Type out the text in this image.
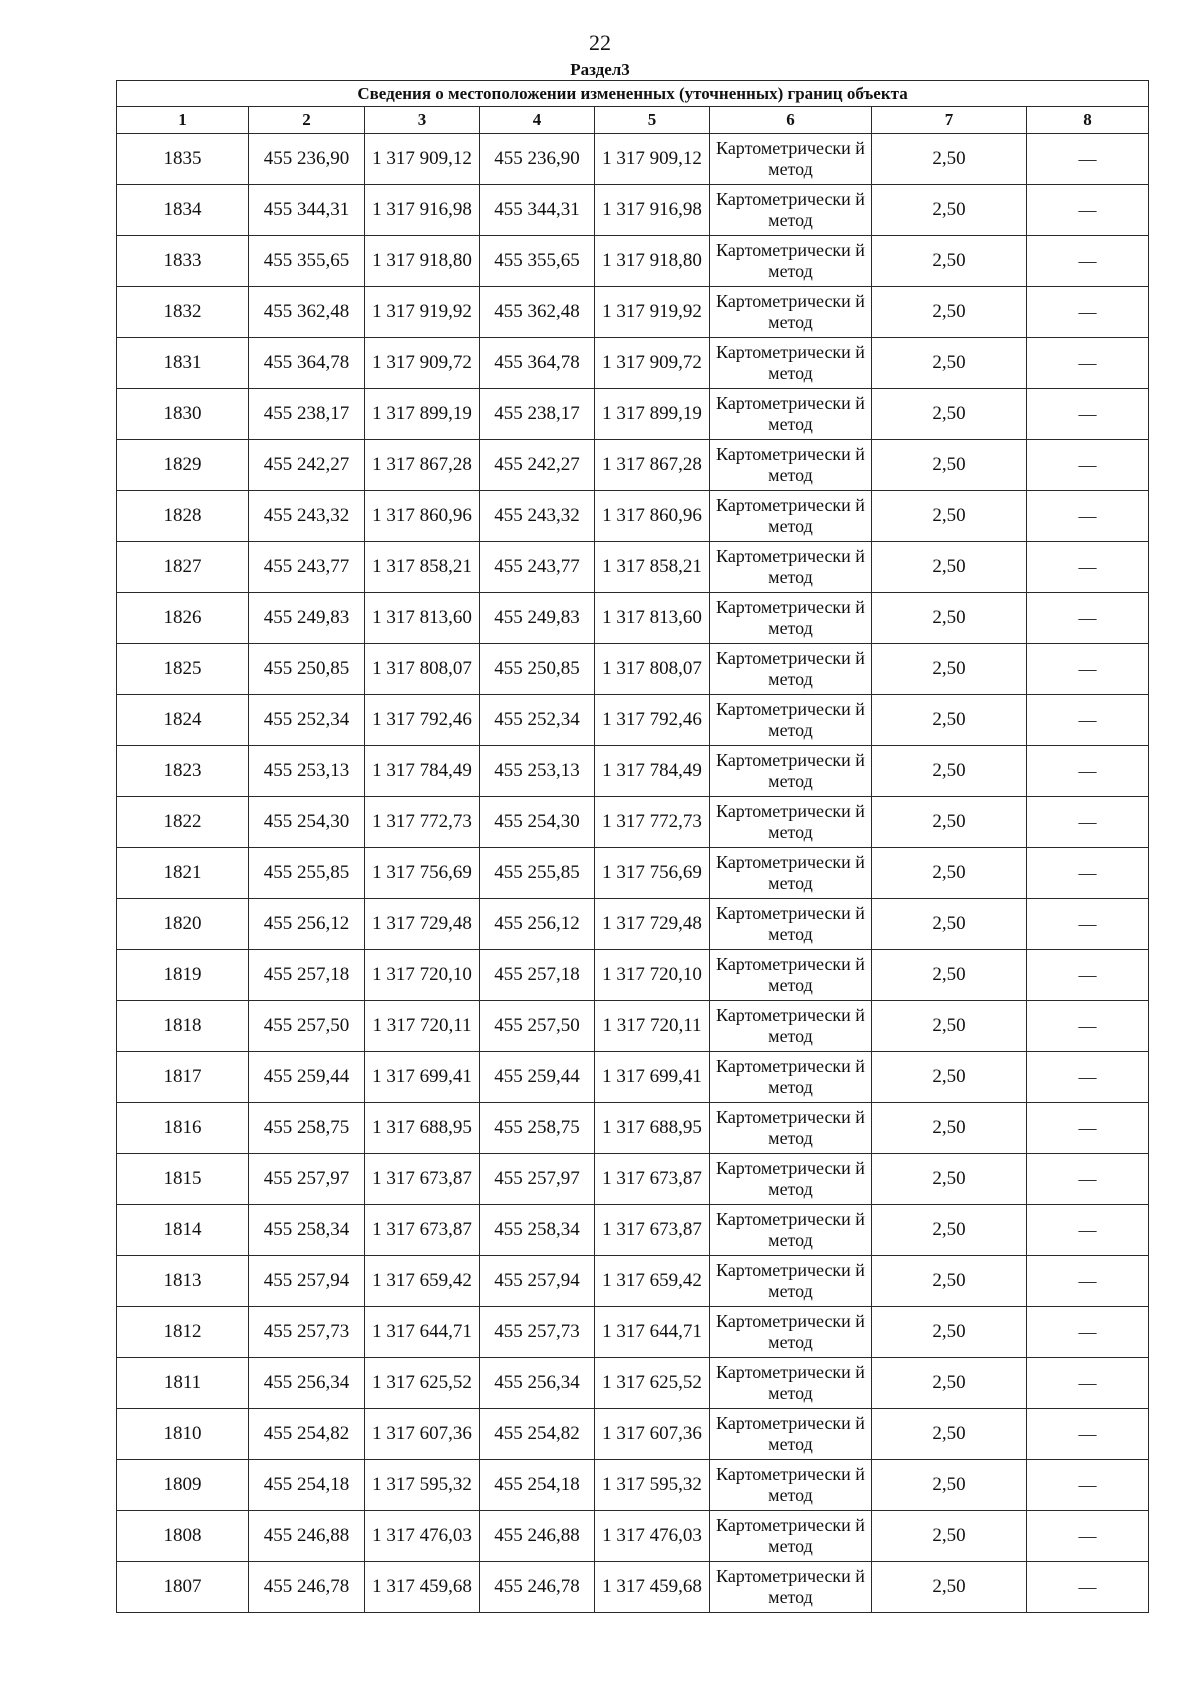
22
Раздел3
Сведения о местоположении измененных (уточненных) границ объекта							
1	2	3	4	5	6	7	8
1835	455 236,90	1 317 909,12	455 236,90	1 317 909,12	Картометрически й метод	2,50	—
1834	455 344,31	1 317 916,98	455 344,31	1 317 916,98	Картометрически й метод	2,50	—
1833	455 355,65	1 317 918,80	455 355,65	1 317 918,80	Картометрически й метод	2,50	—
1832	455 362,48	1 317 919,92	455 362,48	1 317 919,92	Картометрически й метод	2,50	—
1831	455 364,78	1 317 909,72	455 364,78	1 317 909,72	Картометрически й метод	2,50	—
1830	455 238,17	1 317 899,19	455 238,17	1 317 899,19	Картометрически й метод	2,50	—
1829	455 242,27	1 317 867,28	455 242,27	1 317 867,28	Картометрически й метод	2,50	—
1828	455 243,32	1 317 860,96	455 243,32	1 317 860,96	Картометрически й метод	2,50	—
1827	455 243,77	1 317 858,21	455 243,77	1 317 858,21	Картометрически й метод	2,50	—
1826	455 249,83	1 317 813,60	455 249,83	1 317 813,60	Картометрически й метод	2,50	—
1825	455 250,85	1 317 808,07	455 250,85	1 317 808,07	Картометрически й метод	2,50	—
1824	455 252,34	1 317 792,46	455 252,34	1 317 792,46	Картометрически й метод	2,50	—
1823	455 253,13	1 317 784,49	455 253,13	1 317 784,49	Картометрически й метод	2,50	—
1822	455 254,30	1 317 772,73	455 254,30	1 317 772,73	Картометрически й метод	2,50	—
1821	455 255,85	1 317 756,69	455 255,85	1 317 756,69	Картометрически й метод	2,50	—
1820	455 256,12	1 317 729,48	455 256,12	1 317 729,48	Картометрически й метод	2,50	—
1819	455 257,18	1 317 720,10	455 257,18	1 317 720,10	Картометрически й метод	2,50	—
1818	455 257,50	1 317 720,11	455 257,50	1 317 720,11	Картометрически й метод	2,50	—
1817	455 259,44	1 317 699,41	455 259,44	1 317 699,41	Картометрически й метод	2,50	—
1816	455 258,75	1 317 688,95	455 258,75	1 317 688,95	Картометрически й метод	2,50	—
1815	455 257,97	1 317 673,87	455 257,97	1 317 673,87	Картометрически й метод	2,50	—
1814	455 258,34	1 317 673,87	455 258,34	1 317 673,87	Картометрически й метод	2,50	—
1813	455 257,94	1 317 659,42	455 257,94	1 317 659,42	Картометрически й метод	2,50	—
1812	455 257,73	1 317 644,71	455 257,73	1 317 644,71	Картометрически й метод	2,50	—
1811	455 256,34	1 317 625,52	455 256,34	1 317 625,52	Картометрически й метод	2,50	—
1810	455 254,82	1 317 607,36	455 254,82	1 317 607,36	Картометрически й метод	2,50	—
1809	455 254,18	1 317 595,32	455 254,18	1 317 595,32	Картометрически й метод	2,50	—
1808	455 246,88	1 317 476,03	455 246,88	1 317 476,03	Картометрически й метод	2,50	—
1807	455 246,78	1 317 459,68	455 246,78	1 317 459,68	Картометрически й метод	2,50	—
